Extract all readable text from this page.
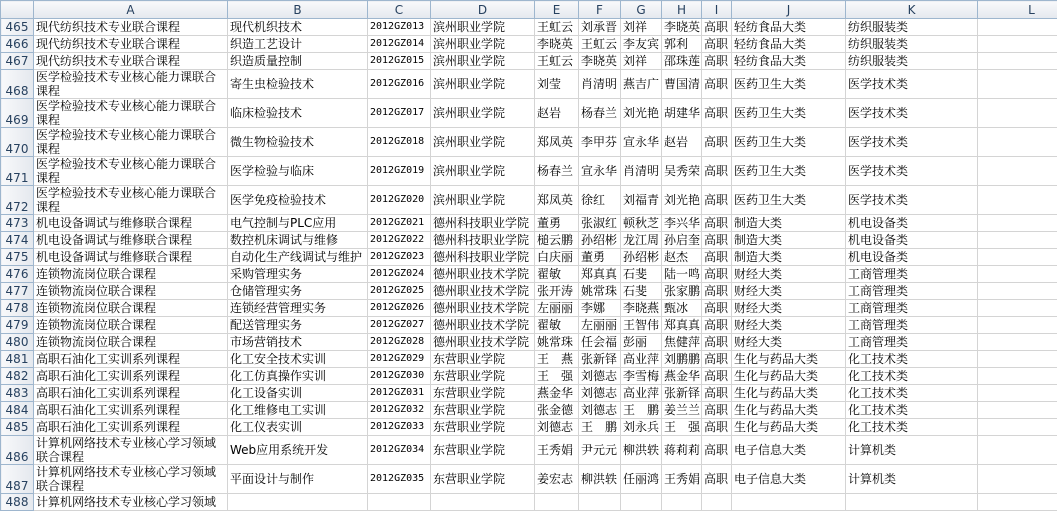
	A	B	C	D	E	F	G	H	I	J	K	L
465	现代纺织技术专业联合课程	现代机织技术	2012GZ013	滨州职业学院	王虹云	刘承晋	刘祥	李晓英	高职	轻纺食品大类	纺织服装类	
466	现代纺织技术专业联合课程	织造工艺设计	2012GZ014	滨州职业学院	李晓英	王虹云	李友宾	郭利	高职	轻纺食品大类	纺织服装类	
467	现代纺织技术专业联合课程	织造质量控制	2012GZ015	滨州职业学院	王虹云	李晓英	刘祥	邵珠莲	高职	轻纺食品大类	纺织服装类	
468	医学检验技术专业核心能力课联合课程	寄生虫检验技术	2012GZ016	滨州职业学院	刘莹	肖清明	燕吉广	曹国清	高职	医药卫生大类	医学技术类	
469	医学检验技术专业核心能力课联合课程	临床检验技术	2012GZ017	滨州职业学院	赵岩	杨春兰	刘光艳	胡建华	高职	医药卫生大类	医学技术类	
470	医学检验技术专业核心能力课联合课程	微生物检验技术	2012GZ018	滨州职业学院	郑凤英	李甲芬	宣永华	赵岩	高职	医药卫生大类	医学技术类	
471	医学检验技术专业核心能力课联合课程	医学检验与临床	2012GZ019	滨州职业学院	杨春兰	宣永华	肖清明	吴秀荣	高职	医药卫生大类	医学技术类	
472	医学检验技术专业核心能力课联合课程	医学免疫检验技术	2012GZ020	滨州职业学院	郑凤英	徐红	刘福青	刘光艳	高职	医药卫生大类	医学技术类	
473	机电设备调试与维修联合课程	电气控制与PLC应用	2012GZ021	德州科技职业学院	董勇	张淑红	顿秋芝	李兴华	高职	制造大类	机电设备类	
474	机电设备调试与维修联合课程	数控机床调试与维修	2012GZ022	德州科技职业学院	槌云鹏	孙绍彬	龙江周	孙启奎	高职	制造大类	机电设备类	
475	机电设备调试与维修联合课程	自动化生产线调试与维护	2012GZ023	德州科技职业学院	白庆丽	董勇	孙绍彬	赵杰	高职	制造大类	机电设备类	
476	连锁物流岗位联合课程	采购管理实务	2012GZ024	德州职业技术学院	翟敏	郑真真	石斐	陆一鸣	高职	财经大类	工商管理类	
477	连锁物流岗位联合课程	仓储管理实务	2012GZ025	德州职业技术学院	张开涛	姚常珠	石斐	张家鹏	高职	财经大类	工商管理类	
478	连锁物流岗位联合课程	连锁经营管理实务	2012GZ026	德州职业技术学院	左丽丽	李娜	李晓燕	甄冰	高职	财经大类	工商管理类	
479	连锁物流岗位联合课程	配送管理实务	2012GZ027	德州职业技术学院	翟敏	左丽丽	王智伟	郑真真	高职	财经大类	工商管理类	
480	连锁物流岗位联合课程	市场营销技术	2012GZ028	德州职业技术学院	姚常珠	任会福	彭丽	焦健萍	高职	财经大类	工商管理类	
481	高职石油化工实训系列课程	化工安全技术实训	2012GZ029	东营职业学院	王　燕	张新铎	高业萍	刘鹏鹏	高职	生化与药品大类	化工技术类	
482	高职石油化工实训系列课程	化工仿真操作实训	2012GZ030	东营职业学院	王　强	刘德志	李雪梅	燕金华	高职	生化与药品大类	化工技术类	
483	高职石油化工实训系列课程	化工设备实训	2012GZ031	东营职业学院	燕金华	刘德志	高业萍	张新铎	高职	生化与药品大类	化工技术类	
484	高职石油化工实训系列课程	化工维修电工实训	2012GZ032	东营职业学院	张金德	刘德志	王　鹏	姜兰兰	高职	生化与药品大类	化工技术类	
485	高职石油化工实训系列课程	化工仪表实训	2012GZ033	东营职业学院	刘德志	王　鹏	刘永兵	王　强	高职	生化与药品大类	化工技术类	
486	计算机网络技术专业核心学习领域联合课程	Web应用系统开发	2012GZ034	东营职业学院	王秀娟	尹元元	柳洪轶	蒋莉莉	高职	电子信息大类	计算机类	
487	计算机网络技术专业核心学习领域联合课程	平面设计与制作	2012GZ035	东营职业学院	姜宏志	柳洪轶	任丽鸿	王秀娟	高职	电子信息大类	计算机类	
488	计算机网络技术专业核心学习领域											
